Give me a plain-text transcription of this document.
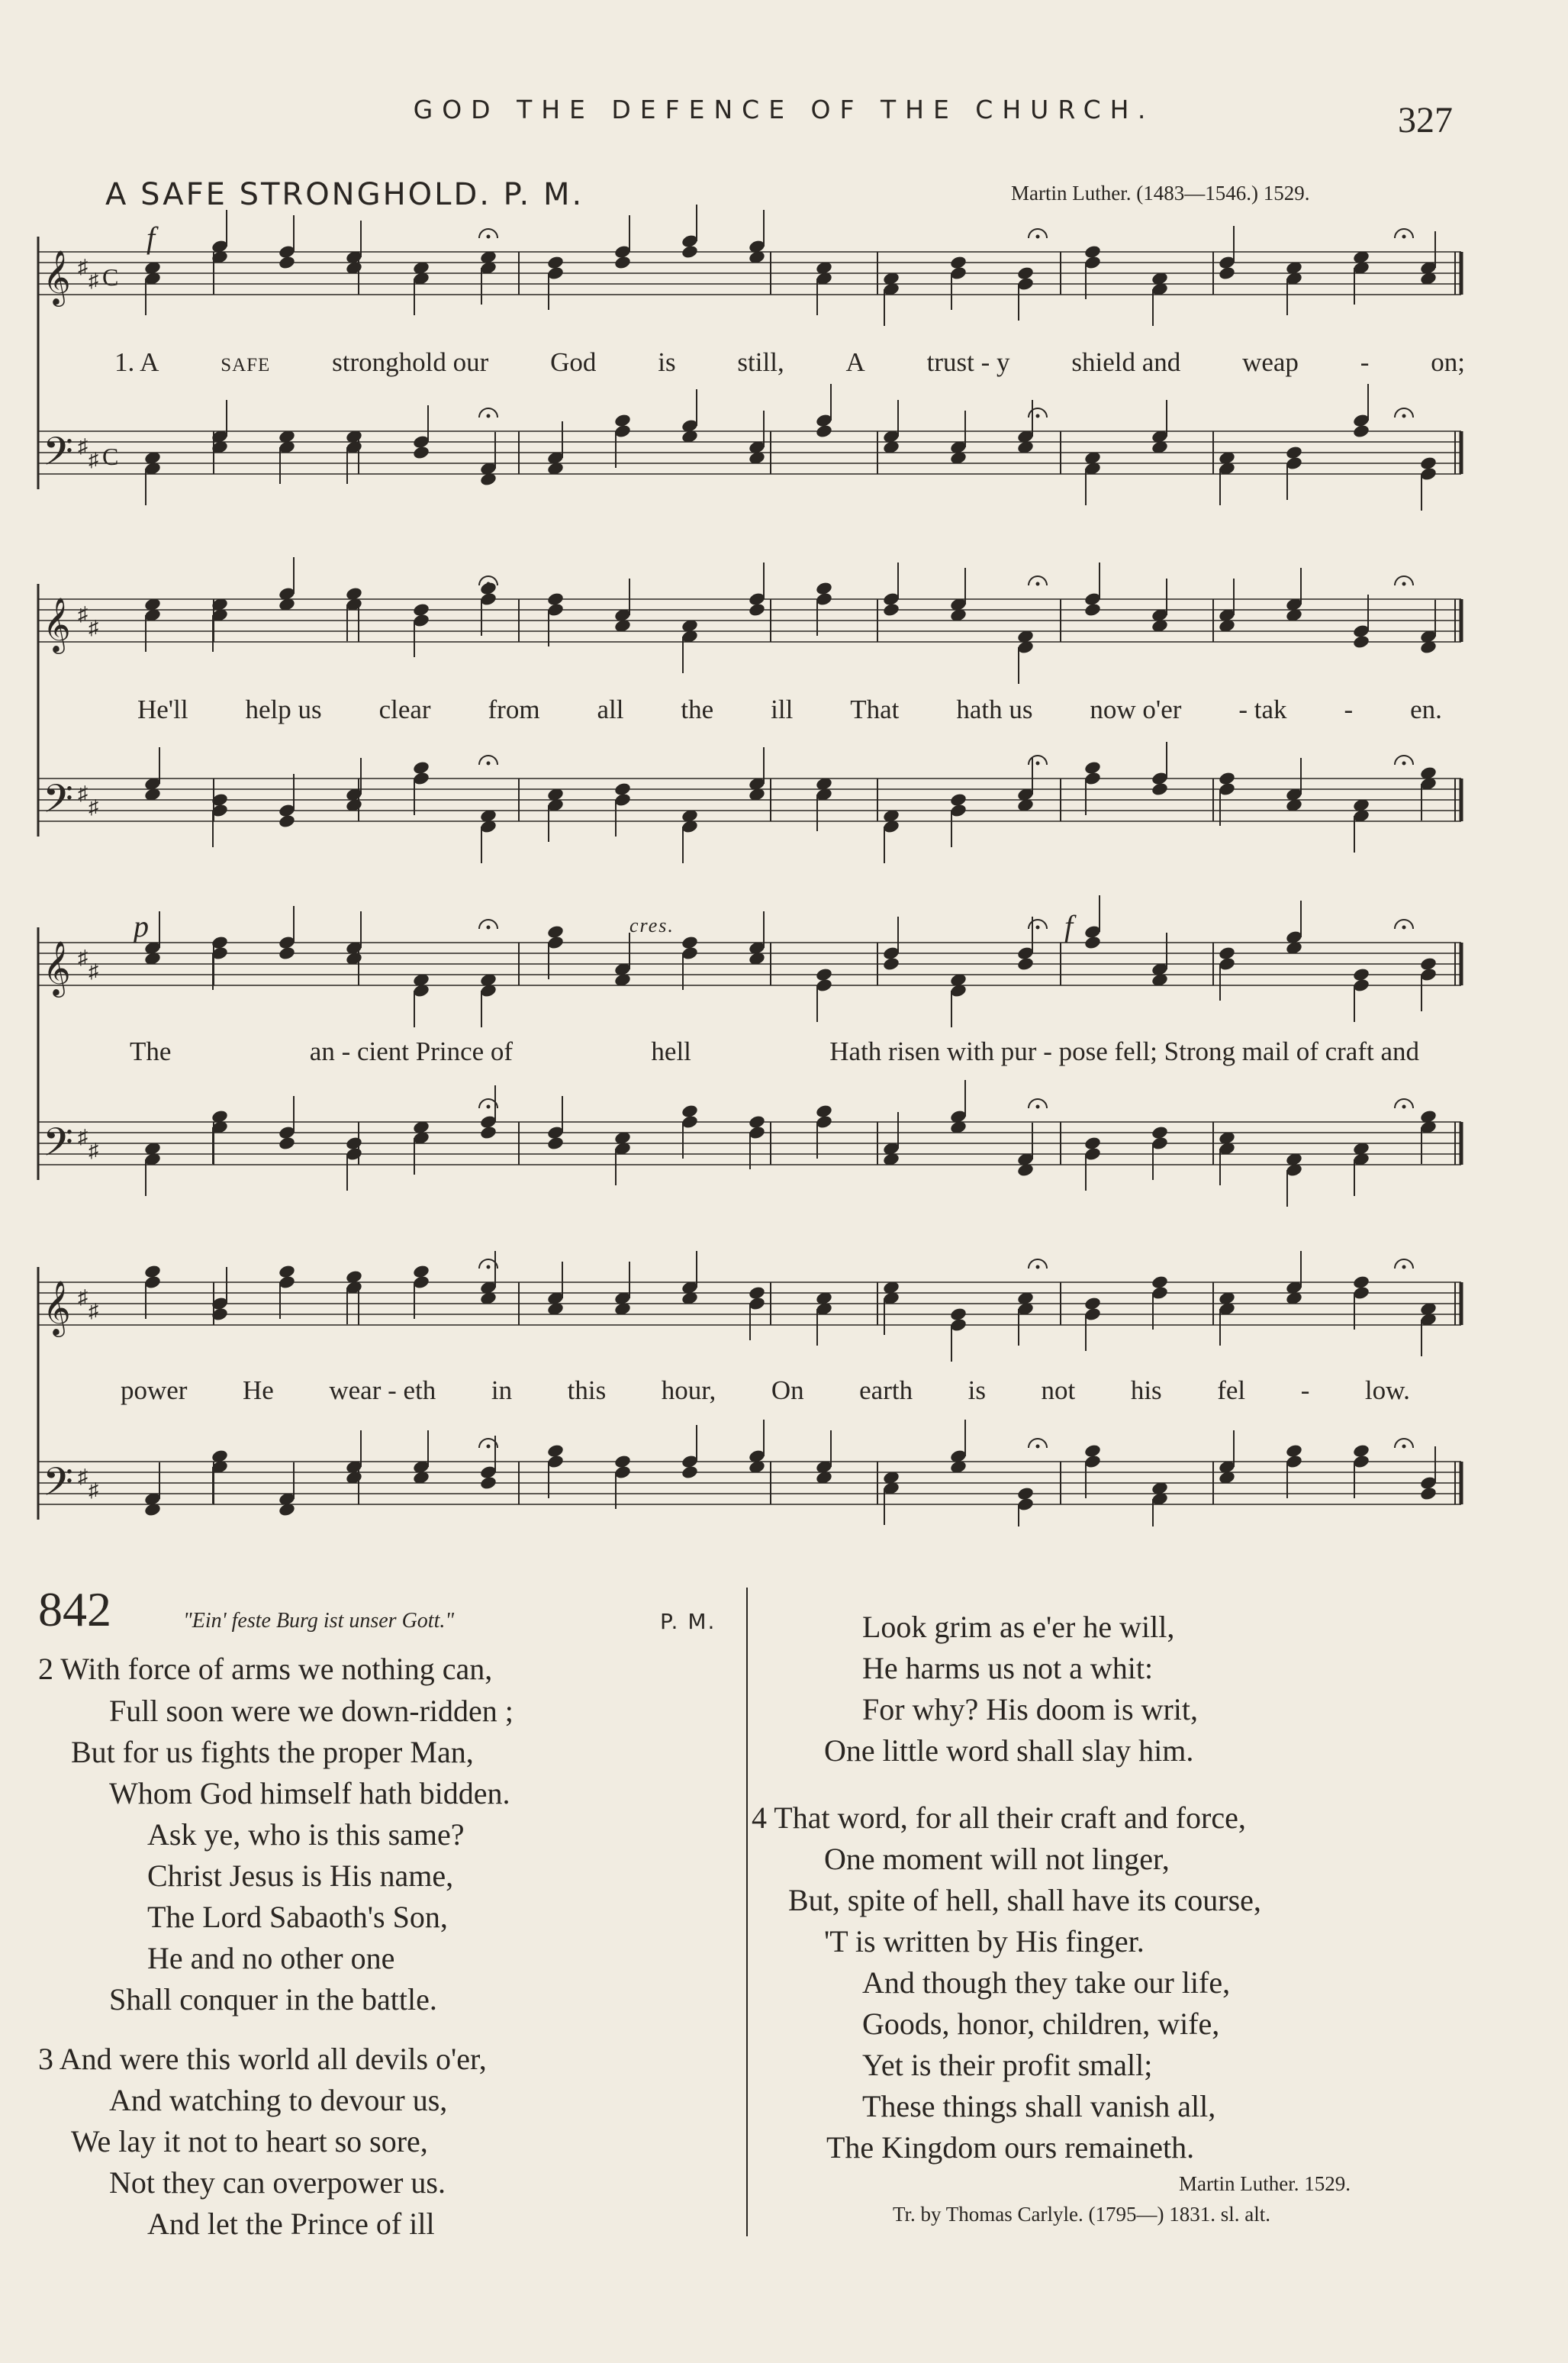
GOD THE DEFENCE OF THE CHURCH.	327
A SAFE STRONGHOLD. P. M.	Martin Luther. (1483—1546.) 1529.
𝄞 ♯
♯ C
𝄢 ♯
♯ C
𝄞 ♯
♯
𝄢 ♯
♯
𝄞 ♯
♯
𝄢 ♯
♯
𝄞 ♯
♯
𝄢 ♯
♯
f
p	cres.	f
1. A safe stronghold our God is still, A trust - y shield and weap - on;
He'll help us clear from all the ill That hath us now o'er - tak - en.
The	an - cient Prince of	hell	Hath risen with pur - pose fell; Strong mail of craft and
power He wear - eth in this hour, On earth is not his fel - low.
842	"Ein' feste Burg ist unser Gott."	P. M.
2 With force of arms we nothing can,
Full soon were we down-ridden ;
But for us fights the proper Man,
Whom God himself hath bidden.
Ask ye, who is this same?
Christ Jesus is His name,
The Lord Sabaoth's Son,
He and no other one
Shall conquer in the battle.
3 And were this world all devils o'er,
And watching to devour us,
We lay it not to heart so sore,
Not they can overpower us.
And let the Prince of ill
Look grim as e'er he will,
He harms us not a whit:
For why? His doom is writ,
One little word shall slay him.
4 That word, for all their craft and force,
One moment will not linger,
But, spite of hell, shall have its course,
'T is written by His finger.
And though they take our life,
Goods, honor, children, wife,
Yet is their profit small;
These things shall vanish all,
The Kingdom ours remaineth.
Martin Luther. 1529.
Tr. by Thomas Carlyle. (1795—) 1831. sl. alt.
